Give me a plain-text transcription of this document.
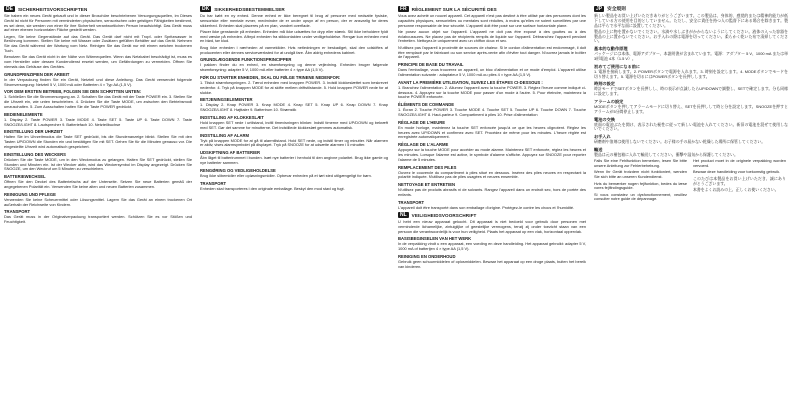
DE	SICHERHEITSVORSCHRIFTEN

Sie haben ein neues Gerät gekauft und in dieser Broschüre beschriebenen Versorgungsquellen, im Dieses Gerät ist nicht für Personen mit verminderten physischen, sensorischen oder geistigen Fähigkeiten bestimmt, es sei denn, sie werden von einer für ihre Sicherheit verantwortlichen Person beaufsichtigt. Das Gerät muss auf einer ebenen horizontalen Fläche gestellt werden.

Legen, Sie keine Gegenstände auf das Gerät. Das Gerät darf nicht mit Tropf- oder Spritzwasser in Berührung kommen. Stellen Sie keine mit Wasser oder Zusätzen gefüllten Behälter auf das Gerät. Nehmen Sie das Gerät während der Wartung vom Netz. Reinigen Sie das Gerät nur mit einem weichen trockenen Tuch.

Benutzen Sie das Gerät nicht in der Nähe von Wärmequellen. Wenn das Netzkabel beschädigt ist, muss es vom Hersteller oder dessen Kundendienst ersetzt werden, um Gefährdungen zu vermeiden. Öffnen Sie niemals das Gehäuse des Gerätes.

GRUNDPRINZIPIEN DER ARBEIT

In der Verpackung finden Sie ein Gerät, Netzteil und diese Anleitung. Das Gerät verwendet folgende Stromversorgung: Netzteil 5 V, 1000 mA oder Batterien 4 × Typ AA (1,5 V).

VOR DEM ERSTEN BETRIEB, FOLGEN SIE DEN SCHRITTEN UNTEN:

1. Schließen Sie die Stromversorgung an. 2. Schalten Sie das Gerät mit der Taste POWER ein. 3. Stellen Sie die Uhrzeit ein, wie unten beschrieben. 4. Drücken Sie die Taste MODE, um zwischen den Betriebsmodi umzuschalten. 5. Zum Ausschalten halten Sie die Taste POWER gedrückt.

BEDIENELEMENTE

1. Display 2. Taste POWER 3. Taste MODE 4. Taste SET 5. Taste UP 6. Taste DOWN 7. Taste SNOOZE/LIGHT 8. Lautsprecher 9. Batteriefach 10. Netzteilbuchse

EINSTELLUNG DER UHRZEIT

Halten Sie im Uhrzeitmodus die Taste SET gedrückt, bis die Stundenanzeige blinkt. Stellen Sie mit den Tasten UP/DOWN die Stunden ein und bestätigen Sie mit SET. Gehen Sie für die Minuten genauso vor. Die eingestellte Uhrzeit wird automatisch gespeichert.

EINSTELLUNG DES WECKERS

Drücken Sie die Taste MODE, um in den Weckmodus zu gelangen. Halten Sie SET gedrückt, stellen Sie Stunden und Minuten ein. Ist der Wecker aktiv, wird das Weckersymbol im Display angezeigt. Drücken Sie SNOOZE, um den Weckruf um 5 Minuten zu verschieben.

BATTERIEWECHSEL

Öffnen Sie den Deckel des Batteriefachs auf der Unterseite. Setzen Sie neue Batterien gemäß der angegebenen Polarität ein. Verwenden Sie keine alten und neuen Batterien zusammen.

REINIGUNG UND PFLEGE

Verwenden Sie keine Scheuermittel oder Lösungsmittel. Lagern Sie das Gerät an einem trockenen Ort außerhalb der Reichweite von Kindern.

TRANSPORT

Das Gerät muss in der Originalverpackung transportiert werden. Schützen Sie es vor Stößen und Feuchtigkeit.

DK	SIKKERHEDSBESTEMMELSER

Du har købt en ny enhed. Denne enhed er ikke beregnet til brug af personer med nedsatte fysiske, sensoriske eller mentale evner, medmindre de er under opsyn af en person, der er ansvarlig for deres sikkerhed. Enheden skal placeres på en plan, vandret overflade.

Placer ikke genstande på enheden. Enheden må ikke udsættes for dryp eller stænk. Stil ikke beholdere fyldt med væske på enheden. Afbryd enheden fra stikkontakten under vedligeholdelse. Rengør kun enheden med en blød, tør klud.

Brug ikke enheden i nærheden af varmekilder. Hvis netledningen er beskadiget, skal den udskiftes af producenten eller dennes serviceværksted for at undgå fare. Åbn aldrig enhedens kabinet.

GRUNDLÆGGENDE FUNKTIONSPRINCIPPER

I pakken finder du en enhed, en strømforsyning og denne vejledning. Enheden bruger følgende strømforsyning: adapter 5 V, 1000 mA eller batterier 4 × type AA (1,5 V).

FØR DU STARTER ENHEDEN, SKAL DU FØLGE TRINENE NEDENFOR:

1. Tilslut strømforsyningen. 2. Tænd enheden med knappen POWER. 3. Indstil klokkeslættet som beskrevet nedenfor. 4. Tryk på knappen MODE for at skifte mellem driftstilstande. 5. Hold knappen POWER nede for at slukke.

BETJENINGSELEMENTER

1. Display 2. Knap POWER 3. Knap MODE 4. Knap SET 5. Knap UP 6. Knap DOWN 7. Knap SNOOZE/LIGHT 8. Højttaler 9. Batterirum 10. Strømstik

INDSTILLING AF KLOKKESLÆT

Hold knappen SET nede i urtilstand, indtil timevisningen blinker. Indstil timerne med UP/DOWN og bekræft med SET. Gør det samme for minutterne. Det indstillede klokkeslæt gemmes automatisk.

INDSTILLING AF ALARM

Tryk på knappen MODE for at gå til alarmtilstand. Hold SET nede, og indstil timer og minutter. Når alarmen er aktiv, vises alarmsymbolet på displayet. Tryk på SNOOZE for at udsætte alarmen i 5 minutter.

UDSKIFTNING AF BATTERIER

Åbn låget til batterirummet i bunden. Isæt nye batterier i henhold til den angivne polaritet. Brug ikke gamle og nye batterier sammen.

RENGØRING OG VEDLIGEHOLDELSE

Brug ikke slibemidler eller opløsningsmidler. Opbevar enheden på et tørt sted utilgængeligt for børn.

TRANSPORT

Enheden skal transporteres i den originale emballage. Beskyt den mod stød og fugt.

FR	RÈGLEMENT SUR LA SÉCURITÉ DES

Vous avez acheté un nouvel appareil. Cet appareil n'est pas destiné à être utilisé par des personnes dont les capacités physiques, sensorielles ou mentales sont réduites, à moins qu'elles ne soient surveillées par une personne responsable de leur sécurité. L'appareil doit être posé sur une surface horizontale plane.

Ne posez aucun objet sur l'appareil. L'appareil ne doit pas être exposé à des gouttes ou à des éclaboussures. Ne placez pas de récipients remplis de liquide sur l'appareil. Débranchez l'appareil pendant l'entretien. Nettoyez-le uniquement avec un chiffon doux et sec.

N'utilisez pas l'appareil à proximité de sources de chaleur. Si le cordon d'alimentation est endommagé, il doit être remplacé par le fabricant ou son service après-vente afin d'éviter tout danger. N'ouvrez jamais le boîtier de l'appareil.

PRINCIPE DE BASE DU TRAVAIL

Dans l'emballage, vous trouverez un appareil, un bloc d'alimentation et ce mode d'emploi. L'appareil utilise l'alimentation suivante : adaptateur 5 V, 1000 mA ou piles 4 × type AA (1,5 V).

AVANT LA PREMIÈRE UTILISATION, SUIVEZ LES ÉTAPES CI-DESSOUS :

1. Branchez l'alimentation. 2. Allumez l'appareil avec la touche POWER. 3. Réglez l'heure comme indiqué ci-dessous. 4. Appuyez sur la touche MODE pour passer d'un mode à l'autre. 5. Pour éteindre, maintenez la touche POWER enfoncée.

ÉLÉMENTS DE COMMANDE

1. Écran 2. Touche POWER 3. Touche MODE 4. Touche SET 5. Touche UP 6. Touche DOWN 7. Touche SNOOZE/LIGHT 8. Haut-parleur 9. Compartiment à piles 10. Prise d'alimentation

RÉGLAGE DE L'HEURE

En mode horloge, maintenez la touche SET enfoncée jusqu'à ce que les heures clignotent. Réglez les heures avec UP/DOWN et confirmez avec SET. Procédez de même pour les minutes. L'heure réglée est enregistrée automatiquement.

RÉGLAGE DE L'ALARME

Appuyez sur la touche MODE pour accéder au mode alarme. Maintenez SET enfoncée, réglez les heures et les minutes. Lorsque l'alarme est active, le symbole d'alarme s'affiche. Appuyez sur SNOOZE pour reporter l'alarme de 5 minutes.

REMPLACEMENT DES PILES

Ouvrez le couvercle du compartiment à piles situé en dessous. Insérez des piles neuves en respectant la polarité indiquée. N'utilisez pas de piles usagées et neuves ensemble.

NETTOYAGE ET ENTRETIEN

N'utilisez pas de produits abrasifs ni de solvants. Rangez l'appareil dans un endroit sec, hors de portée des enfants.

TRANSPORT

L'appareil doit être transporté dans son emballage d'origine. Protégez-le contre les chocs et l'humidité.

NL	VEILIGHEIDSVOORSCHRIFT

U hebt een nieuw apparaat gekocht. Dit apparaat is niet bedoeld voor gebruik door personen met verminderde lichamelijke, zintuiglijke of geestelijke vermogens, tenzij zij onder toezicht staan van een persoon die verantwoordelijk is voor hun veiligheid. Plaats het apparaat op een vlak, horizontaal oppervlak.

BASISBEGINSELEN VAN HET WERK

In de verpakking vindt u een apparaat, een voeding en deze handleiding. Het apparaat gebruikt: adapter 5 V, 1000 mA of batterijen 4 × type AA (1,5 V).

REINIGING EN ONDERHOUD

Gebruik geen schuurmiddelen of oplosmiddelen. Bewaar het apparaat op een droge plaats, buiten het bereik van kinderen.

JP	安全規則

新しい製品をお買い上げいただきありがとうございます。この製品は、身体的、感覚的または精神的能力が低下している方の使用を目的としていません。ただし、安全に責任を持つ人の監督下にある場合を除きます。製品は平らで水平な面に設置してください。

製品の上に物を置かないでください。水滴や水しぶきがかからないようにしてください。液体の入った容器を製品の上に置かないでください。お手入れの際は電源を切ってください。柔らかく乾いた布で清掃してください。

基本的な動作原理

パッケージには本体、電源アダプター、本説明書が含まれています。電源：アダプター 5 V、1000 mA または単3形電池 4本（1.5 V）。

初めてご使用になる前に

1. 電源を接続します。2. POWERボタンで電源を入れます。3. 時刻を設定します。4. MODEボタンでモードを切り替えます。5. 電源を切るにはPOWERボタンを長押しします。

時刻の設定

時計モードでSETボタンを長押しし、時の表示が点滅したらUP/DOWNで調整し、SETで確定します。分も同様に設定します。

アラームの設定

MODEボタンを押してアラームモードに切り替え、SETを長押しして時と分を設定します。SNOOZEを押すとアラームが5分間停止します。

電池の交換

底面の電池ぶたを開け、表示された極性に従って新しい電池を入れてください。新旧の電池を混ぜて使用しないでください。

お手入れ

研磨剤や溶剤は使用しないでください。お子様の手の届かない乾燥した場所に保管してください。

輸送

製品は元の梱包箱に入れて輸送してください。衝撃や湿気から保護してください。

Falls Sie eine Fehlfunktion bemerken, lesen Sie bitte unsere Anleitung zur Fehlerbehebung.

Wenn Ihr Gerät trotzdem nicht funktioniert, wenden Sie sich bitte an unseren Kundendienst.

Hvis du bemærker nogen fejlfunktion, bedes du læse vores fejlfindingsguide.

Si vous constatez un dysfonctionnement, veuillez consulter notre guide de dépannage.

Het product moet in de originele verpakking worden vervoerd.

Bewaar deze handleiding voor toekomstig gebruik.

このたびは本製品をお買い上げいただき、誠にありがとうございます。

本書をよくお読みの上、正しくお使いください。
